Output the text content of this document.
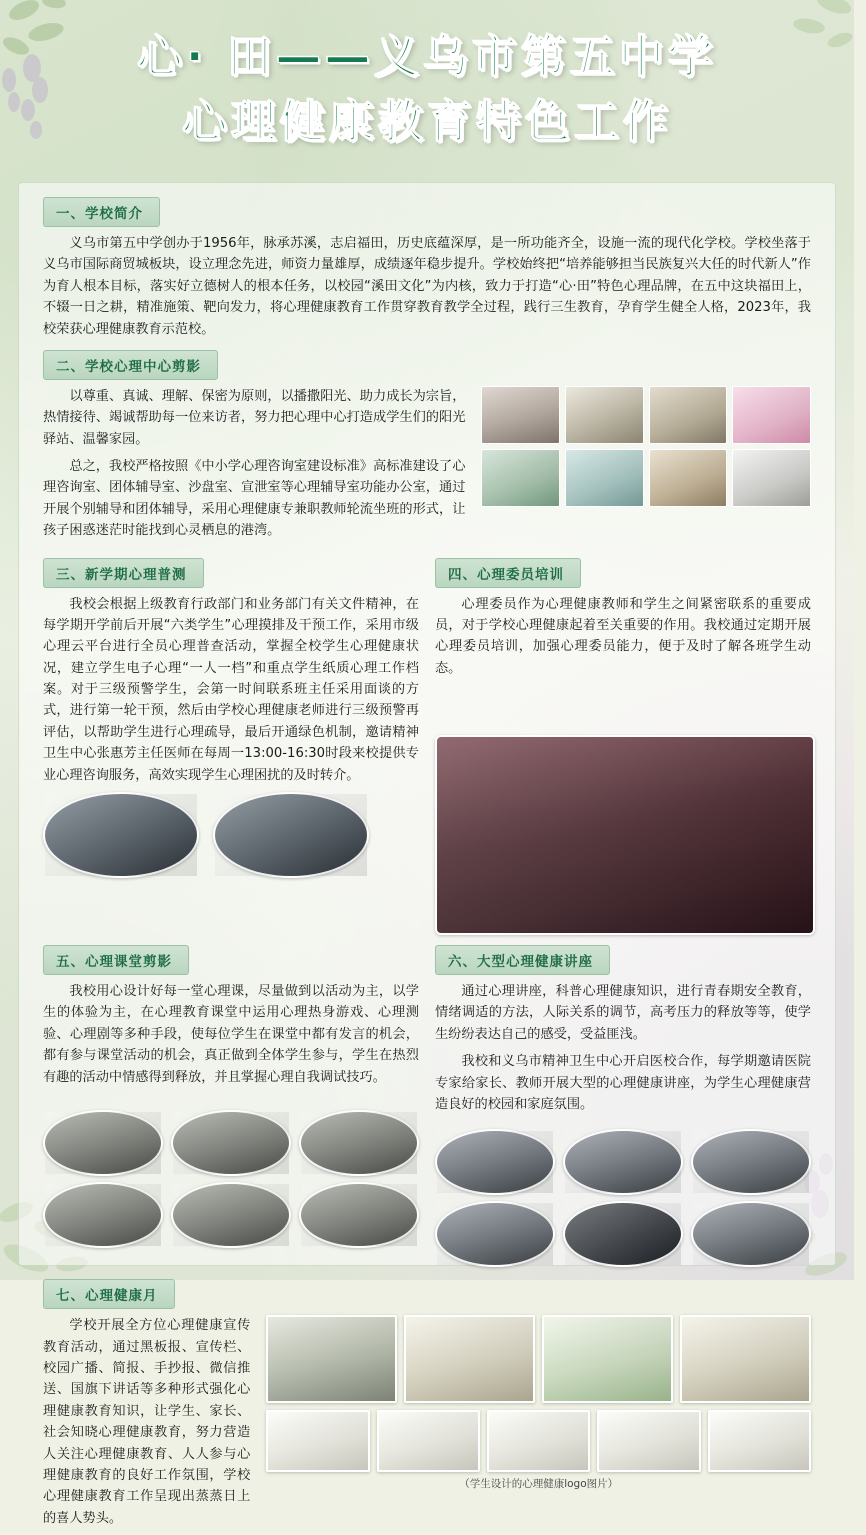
心· 田——义乌市第五中学
心理健康教育特色工作
一、学校简介

义乌市第五中学创办于1956年，脉承苏溪，志启福田，历史底蕴深厚，是一所功能齐全，设施一流的现代化学校。学校坐落于义乌市国际商贸城板块，设立理念先进，师资力量雄厚，成绩逐年稳步提升。学校始终把“培养能够担当民族复兴大任的时代新人”作为育人根本目标，落实好立德树人的根本任务，以校园“溪田文化”为内核，致力于打造“心·田”特色心理品牌，在五中这块福田上，不辍一日之耕，精准施策、靶向发力，将心理健康教育工作贯穿教育教学全过程，践行三生教育，孕育学生健全人格，2023年，我校荣获心理健康教育示范校。

二、学校心理中心剪影

以尊重、真诚、理解、保密为原则，以播撒阳光、助力成长为宗旨，热情接待、竭诚帮助每一位来访者，努力把心理中心打造成学生们的阳光驿站、温馨家园。

总之，我校严格按照《中小学心理咨询室建设标准》高标准建设了心理咨询室、团体辅导室、沙盘室、宣泄室等心理辅导室功能办公室，通过开展个别辅导和团体辅导，采用心理健康专兼职教师轮流坐班的形式，让孩子困惑迷茫时能找到心灵栖息的港湾。

三、新学期心理普测

我校会根据上级教育行政部门和业务部门有关文件精神，在每学期开学前后开展“六类学生”心理摸排及干预工作，采用市级心理云平台进行全员心理普查活动，掌握全校学生心理健康状况，建立学生电子心理“一人一档”和重点学生纸质心理工作档案。对于三级预警学生，会第一时间联系班主任采用面谈的方式，进行第一轮干预，然后由学校心理健康老师进行三级预警再评估，以帮助学生进行心理疏导，最后开通绿色机制，邀请精神卫生中心张惠芳主任医师在每周一13:00-16:30时段来校提供专业心理咨询服务，高效实现学生心理困扰的及时转介。

四、心理委员培训

心理委员作为心理健康教师和学生之间紧密联系的重要成员，对于学校心理健康起着至关重要的作用。我校通过定期开展心理委员培训，加强心理委员能力，便于及时了解各班学生动态。

五、心理课堂剪影

我校用心设计好每一堂心理课，尽量做到以活动为主，以学生的体验为主，在心理教育课堂中运用心理热身游戏、心理测验、心理剧等多种手段，使每位学生在课堂中都有发言的机会，都有参与课堂活动的机会，真正做到全体学生参与，学生在热烈有趣的活动中情感得到释放，并且掌握心理自我调试技巧。

六、大型心理健康讲座

通过心理讲座，科普心理健康知识，进行青春期安全教育，情绪调适的方法，人际关系的调节，高考压力的释放等等，使学生纷纷表达自己的感受，受益匪浅。

我校和义乌市精神卫生中心开启医校合作，每学期邀请医院专家给家长、教师开展大型的心理健康讲座，为学生心理健康营造良好的校园和家庭氛围。

七、心理健康月

学校开展全方位心理健康宣传教育活动，通过黑板报、宣传栏、校园广播、简报、手抄报、微信推送、国旗下讲话等多种形式强化心理健康教育知识，让学生、家长、社会知晓心理健康教育，努力营造人关注心理健康教育、人人参与心理健康教育的良好工作氛围，学校心理健康教育工作呈现出蒸蒸日上的喜人势头。

（学生设计的心理健康logo图片）
